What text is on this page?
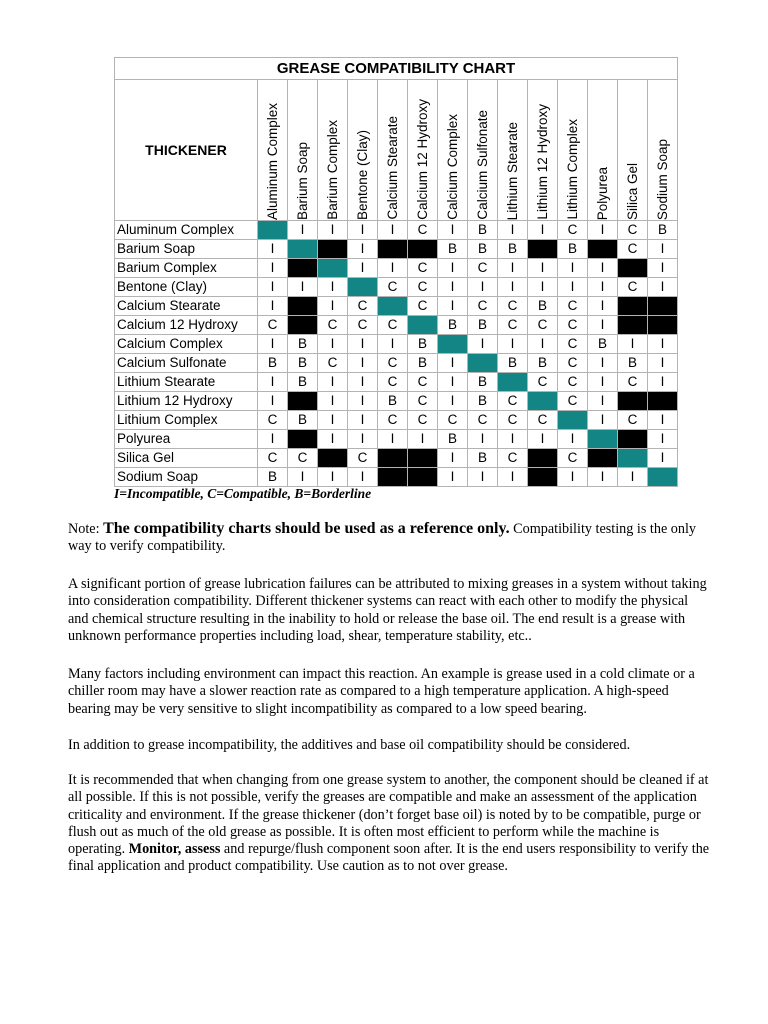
GREASE COMPATIBILITY CHART														
THICKENER	Aluminum Complex	Barium Soap	Barium Complex	Bentone (Clay)	Calcium Stearate	Calcium 12 Hydroxy	Calcium Complex	Calcium Sulfonate	Lithium Stearate	Lithium 12 Hydroxy	Lithium Complex	Polyurea	Silica Gel	Sodium Soap

Aluminum Complex		I	I	I	I	C	I	B	I	I	C	I	C	B
Barium Soap	I			I			B	B	B		B		C	I
Barium Complex	I			I	I	C	I	C	I	I	I	I		I
Bentone (Clay)	I	I	I		C	C	I	I	I	I	I	I	C	I
Calcium Stearate	I		I	C		C	I	C	C	B	C	I		
Calcium 12 Hydroxy	C		C	C	C		B	B	C	C	C	I		
Calcium Complex	I	B	I	I	I	B		I	I	I	C	B	I	I
Calcium Sulfonate	B	B	C	I	C	B	I		B	B	C	I	B	I
Lithium Stearate	I	B	I	I	C	C	I	B		C	C	I	C	I
Lithium 12 Hydroxy	I		I	I	B	C	I	B	C		C	I		
Lithium Complex	C	B	I	I	C	C	C	C	C	C		I	C	I
Polyurea	I		I	I	I	I	B	I	I	I	I			I
Silica Gel	C	C		C			I	B	C		C			I
Sodium Soap	B	I	I	I			I	I	I		I	I	I	
I=Incompatible, C=Compatible, B=Borderline

Note: The compatibility charts should be used as a reference only. Compatibility testing is the only way to verify compatibility.

A significant portion of grease lubrication failures can be attributed to mixing greases in a system without taking into consideration compatibility. Different thickener systems can react with each other to modify the physical and chemical structure resulting in the inability to hold or release the base oil. The end result is a grease with unknown performance properties including load, shear, temperature stability, etc..

Many factors including environment can impact this reaction. An example is grease used in a cold climate or a chiller room may have a slower reaction rate as compared to a high temperature application. A high-speed bearing may be very sensitive to slight incompatibility as compared to a low speed bearing.

In addition to grease incompatibility, the additives and base oil compatibility should be considered.

It is recommended that when changing from one grease system to another, the component should be cleaned if at all possible. If this is not possible, verify the greases are compatible and make an assessment of the application criticality and environment. If the grease thickener (don’t forget base oil) is noted by to be compatible, purge or flush out as much of the old grease as possible. It is often most efficient to perform while the machine is operating. Monitor, assess and repurge/flush component soon after. It is the end users responsibility to verify the final application and product compatibility. Use caution as to not over grease.
